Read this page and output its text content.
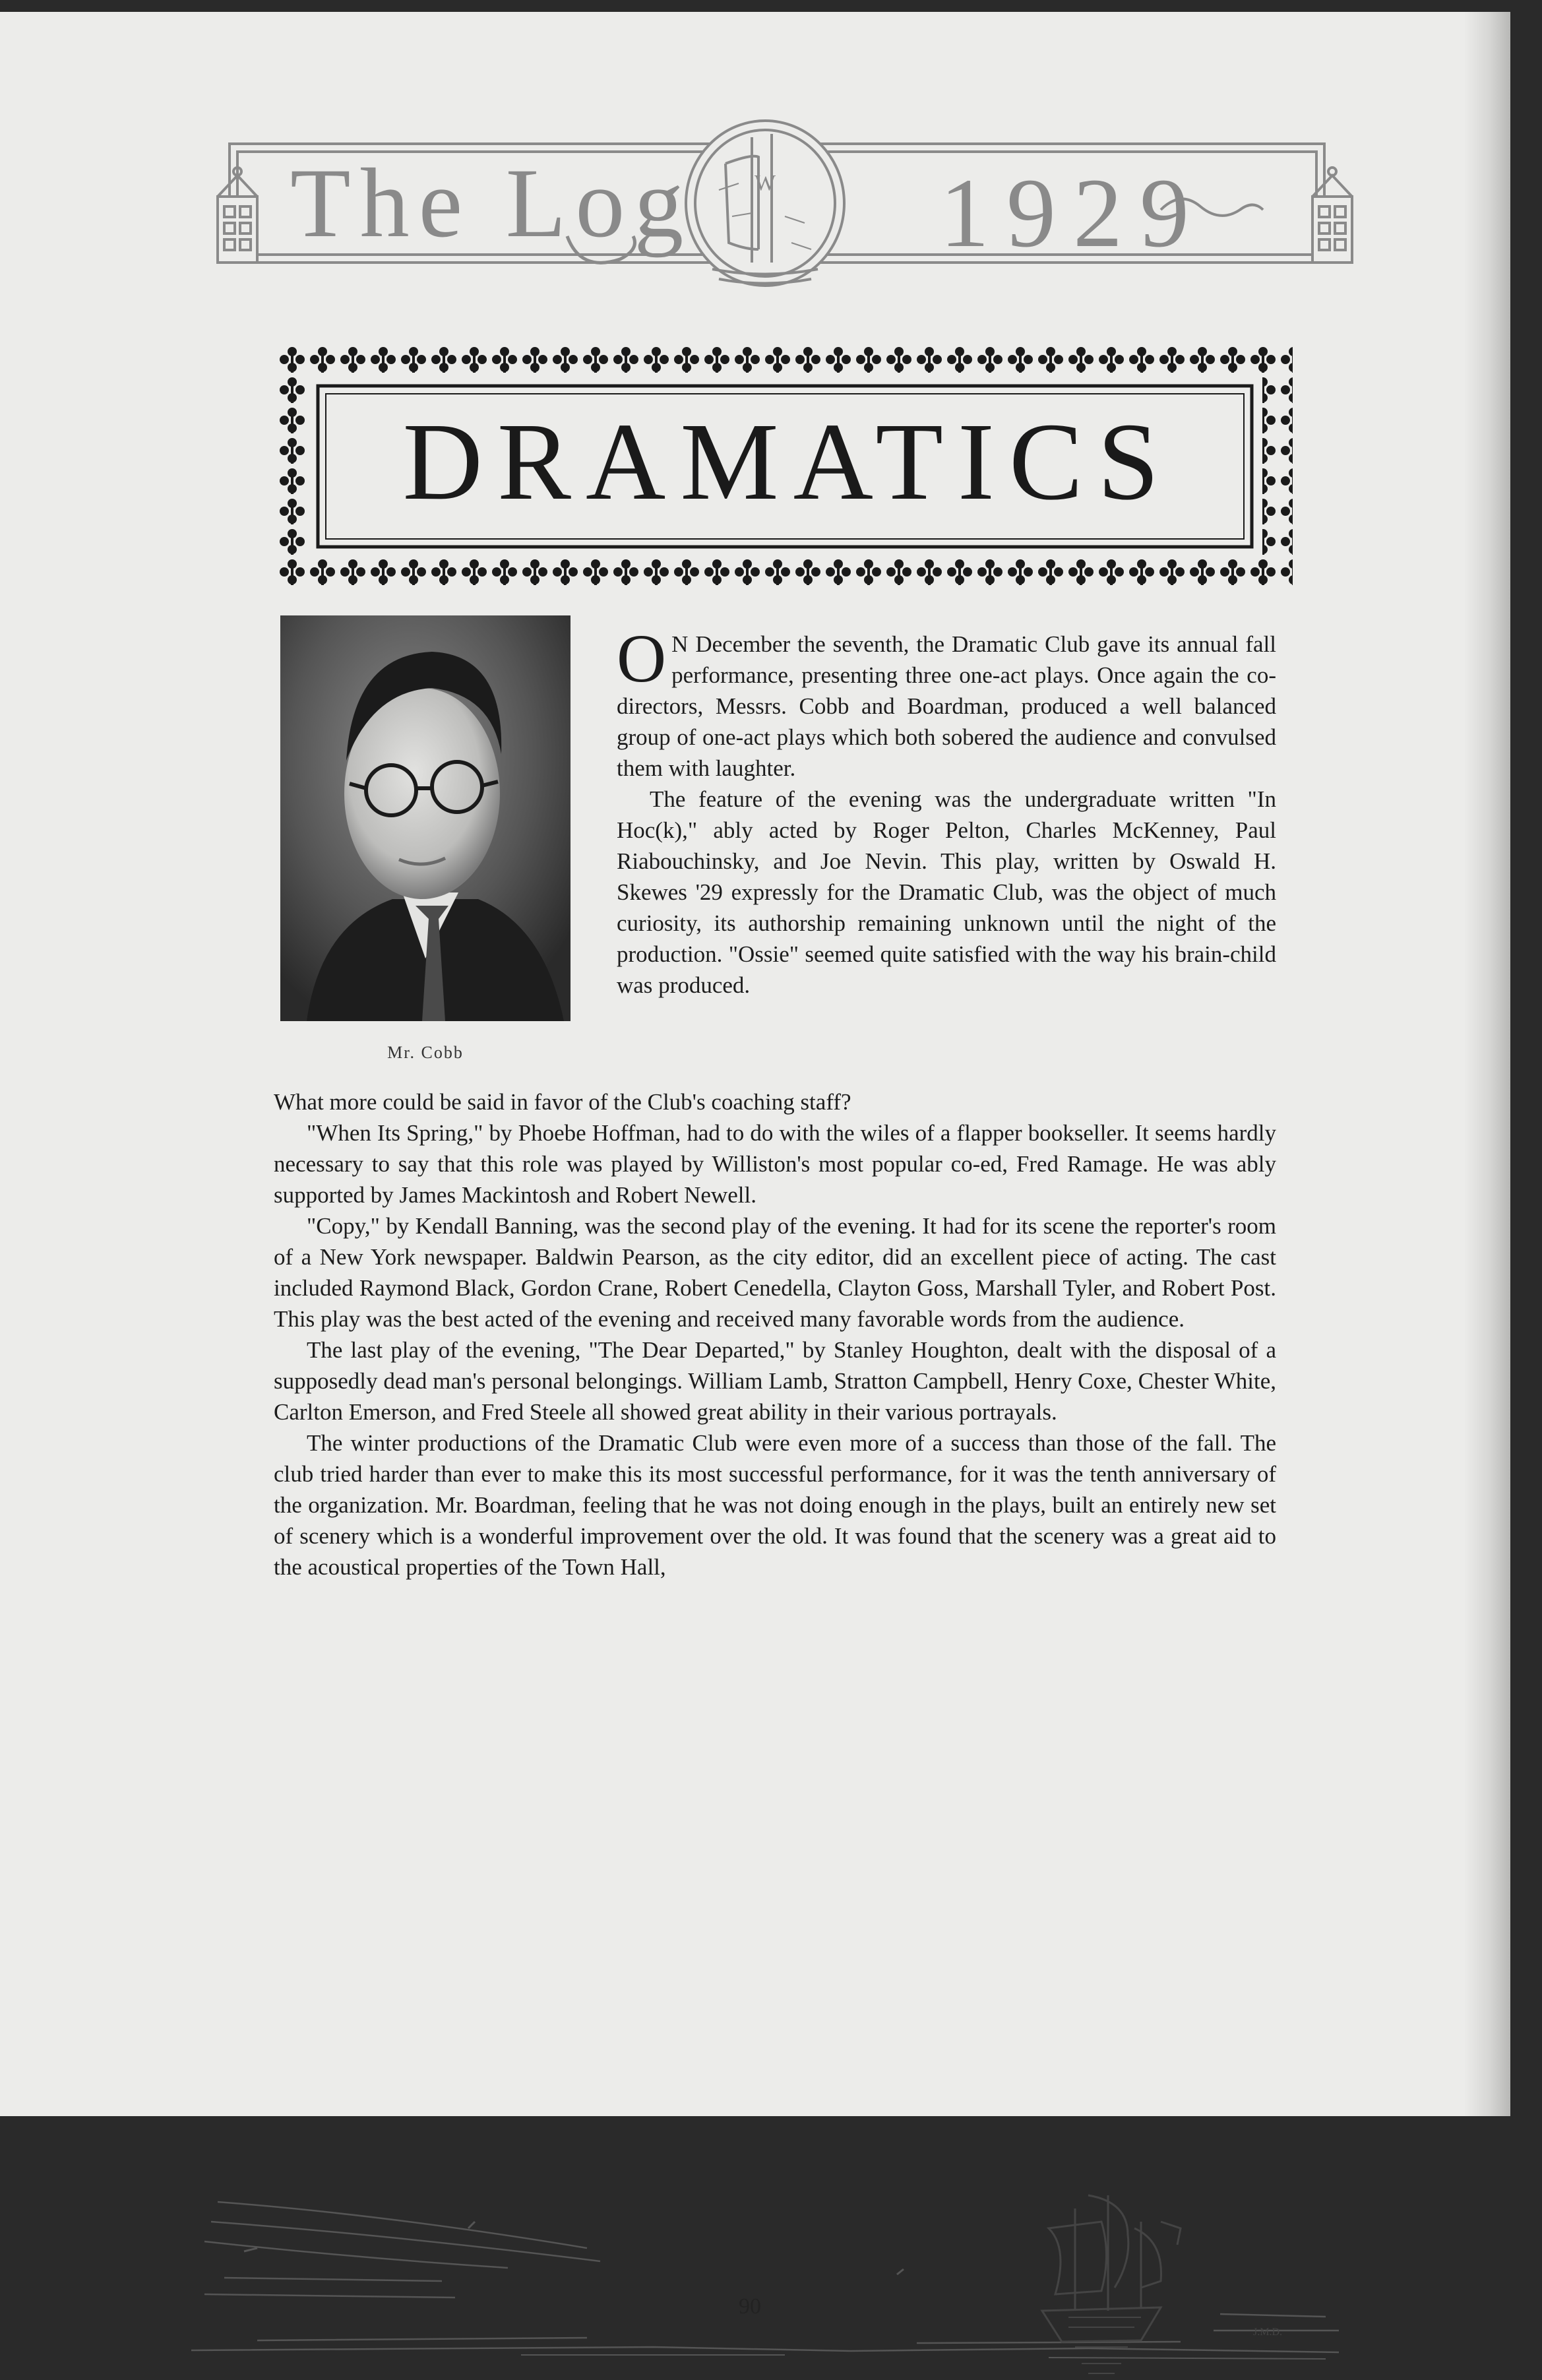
W
The Log 1929
DRAMATICS
Mr. Cobb

O N December the seventh, the Dramatic Club gave its annual fall performance, presenting three one-act plays. Once again the co-directors, Messrs. Cobb and Boardman, produced a well balanced group of one-act plays which both sobered the audience and convulsed them with laughter.

The feature of the evening was the undergraduate written "In Hoc(k)," ably acted by Roger Pelton, Charles McKenney, Paul Riabouchinsky, and Joe Nevin. This play, written by Oswald H. Skewes '29 expressly for the Dramatic Club, was the object of much curiosity, its authorship remaining unknown until the night of the production. "Ossie" seemed quite satisfied with the way his brain-child was produced.

What more could be said in favor of the Club's coaching staff?

"When Its Spring," by Phoebe Hoffman, had to do with the wiles of a flapper bookseller. It seems hardly necessary to say that this role was played by Williston's most popular co-ed, Fred Ramage. He was ably supported by James Mackintosh and Robert Newell.

"Copy," by Kendall Banning, was the second play of the evening. It had for its scene the reporter's room of a New York newspaper. Baldwin Pearson, as the city editor, did an excellent piece of acting. The cast included Raymond Black, Gordon Crane, Robert Cenedella, Clayton Goss, Marshall Tyler, and Robert Post. This play was the best acted of the evening and received many favorable words from the audience.

The last play of the evening, "The Dear Departed," by Stanley Houghton, dealt with the disposal of a supposedly dead man's personal belongings. William Lamb, Stratton Campbell, Henry Coxe, Chester White, Carlton Emerson, and Fred Steele all showed great ability in their various portrayals.

The winter productions of the Dramatic Club were even more of a success than those of the fall. The club tried harder than ever to make this its most successful performance, for it was the tenth anniversary of the organization. Mr. Boardman, feeling that he was not doing enough in the plays, built an entirely new set of scenery which is a wonderful improvement over the old. It was found that the scenery was a great aid to the acoustical properties of the Town Hall,

J.M.D.
90
